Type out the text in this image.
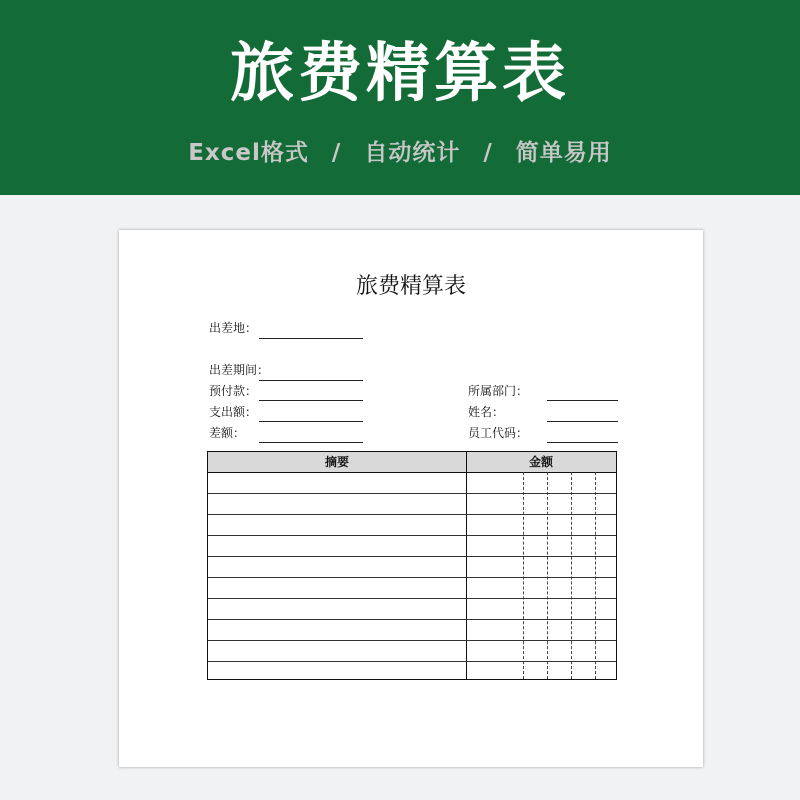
旅费精算表
Excel格式 / 自动统计 / 简单易用
旅费精算表
出差地：
出差期间：
预付款：
支出额：
差额：
所属部门：
姓名：
员工代码：
摘要	金额
